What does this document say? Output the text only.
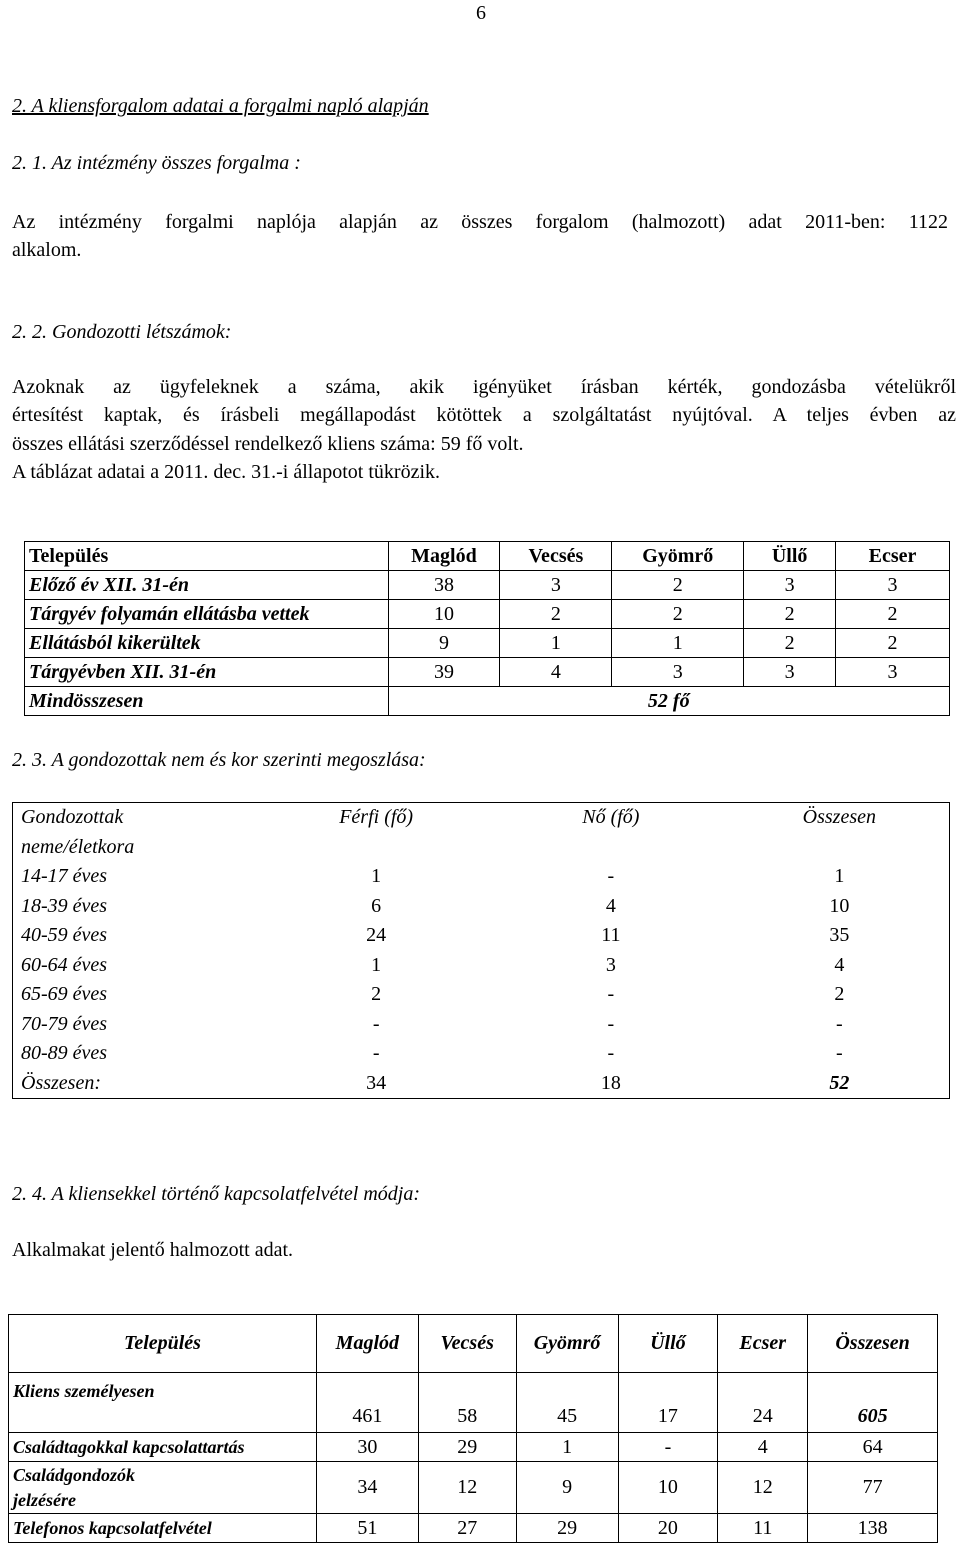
6
2. A kliensforgalom adatai a forgalmi napló alapján
2. 1. Az intézmény összes forgalma :
Az intézmény forgalmi naplója alapján az összes forgalom (halmozott) adat 2011-ben: 1122
alkalom.
2. 2. Gondozotti létszámok:
Azoknak az ügyfeleknek a száma, akik igényüket írásban kérték, gondozásba vételükről
értesítést kaptak, és írásbeli megállapodást kötöttek a szolgáltatást nyújtóval. A teljes évben az
összes ellátási szerződéssel rendelkező kliens száma: 59 fő volt.
A táblázat adatai a 2011. dec. 31.-i állapotot tükrözik.
Település	Maglód	Vecsés	Gyömrő	Üllő	Ecser
Előző év XII. 31-én	38	3	2	3	3
Tárgyév folyamán ellátásba vettek	10	2	2	2	2
Ellátásból kikerültek	9	1	1	2	2
Tárgyévben XII. 31-én	39	4	3	3	3
Mindösszesen	52 fő				
2. 3. A gondozottak nem és kor szerinti megoszlása:
Gondozottak	Férfi (fő)	Nő (fő)	Összesen
neme/életkora			
14-17 éves	1	-	1
18-39 éves	6	4	10
40-59 éves	24	11	35
60-64 éves	1	3	4
65-69 éves	2	-	2
70-79 éves	-	-	-
80-89 éves	-	-	-
Összesen:	34	18	52
2. 4. A kliensekkel történő kapcsolatfelvétel módja:
Alkalmakat jelentő halmozott adat.
Település	Maglód	Vecsés	Gyömrő	Üllő	Ecser	Összesen
Kliens személyesen	461	58	45	17	24	605
Családtagokkal kapcsolattartás	30	29	1	-	4	64
Családgondozók jelzésére	34	12	9	10	12	77
Telefonos kapcsolatfelvétel	51	27	29	20	11	138
